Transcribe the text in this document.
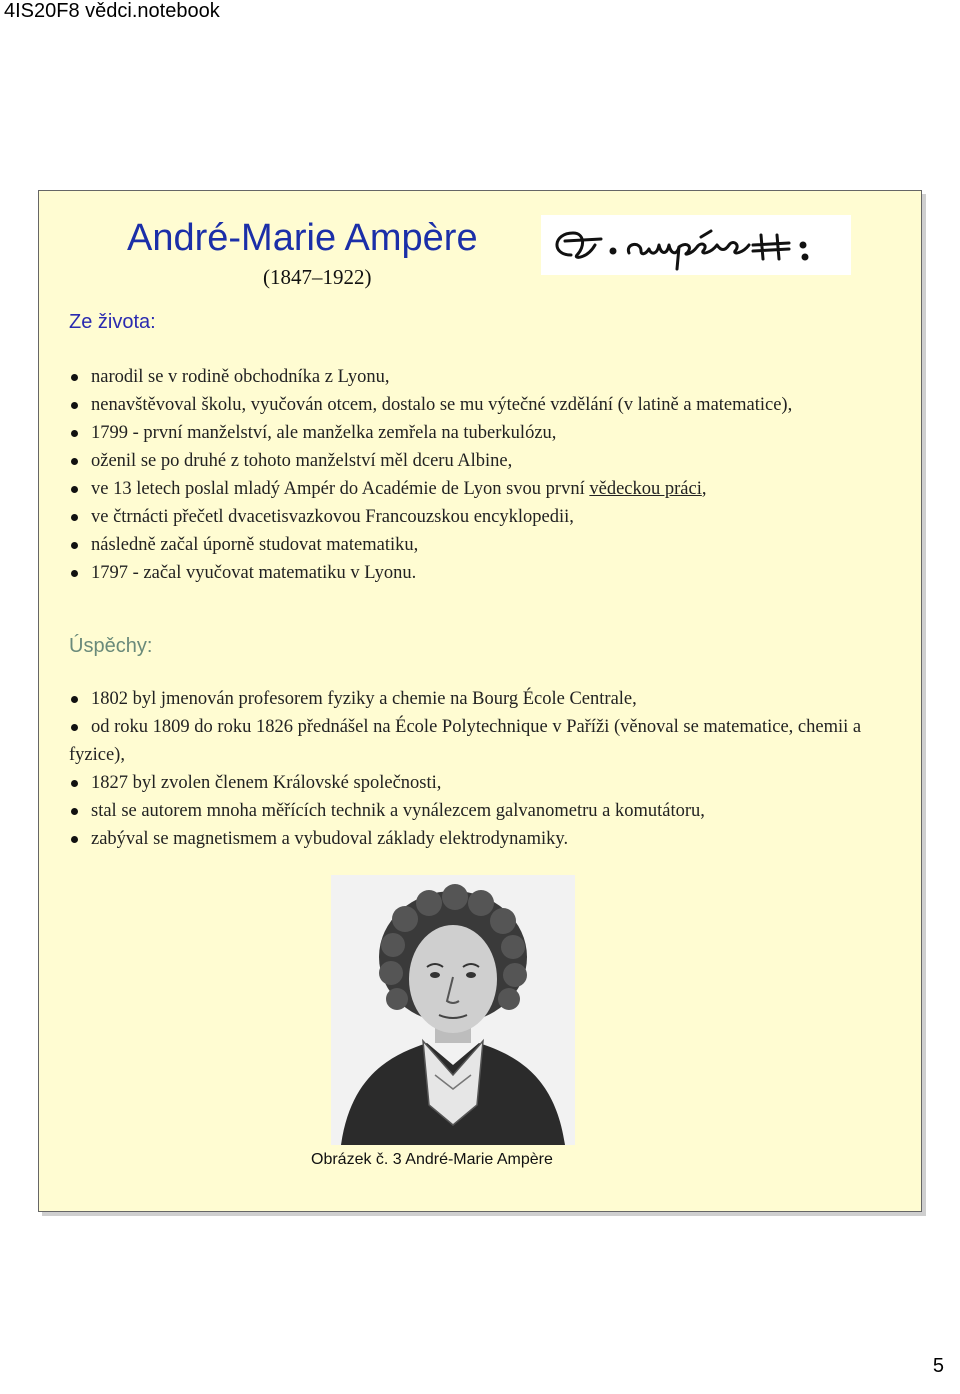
4IS20F8 vědci.notebook
André-Marie Ampère
(1847–1922)
Ze života:
narodil se v rodině obchodníka z Lyonu,
nenavštěvoval školu, vyučován otcem, dostalo se mu výtečné vzdělání (v latině a matematice),
1799 - první manželství, ale manželka zemřela na tuberkulózu,
oženil se po druhé z tohoto manželství měl dceru Albine,
ve 13 letech poslal mladý Ampér do Académie de Lyon svou první vědeckou práci,
ve čtrnácti přečetl dvacetisvazkovou Francouzskou encyklopedii,
následně začal úporně studovat matematiku,
1797 - začal vyučovat matematiku v Lyonu.
Úspěchy:
1802 byl jmenován profesorem fyziky a chemie na Bourg École Centrale,
od roku 1809 do roku 1826 přednášel na École Polytechnique v Paříži (věnoval se matematice, chemii a fyzice),
1827 byl zvolen členem Královské společnosti,
stal se autorem mnoha měřících technik a vynálezcem galvanometru a komutátoru,
zabýval se magnetismem a vybudoval základy elektrodynamiky.
Obrázek č. 3 André-Marie Ampère
5
